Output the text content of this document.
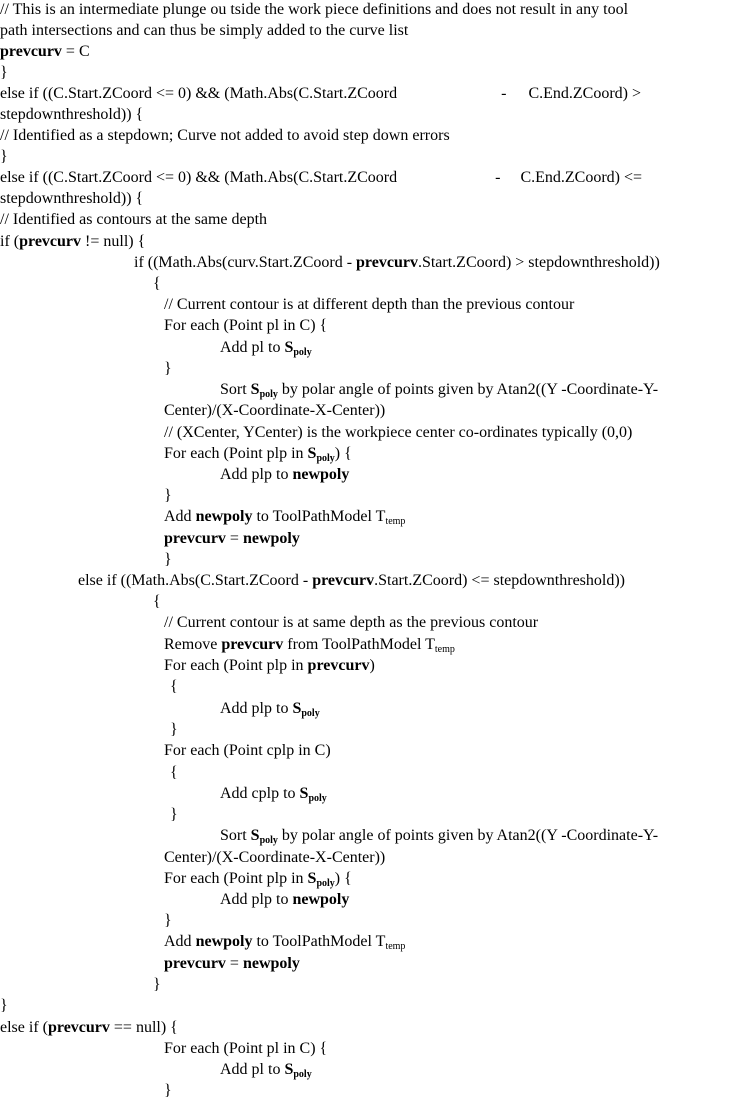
// This is an intermediate plunge ou tside the work piece definitions and does not result in any tool
path intersections and can thus be simply added to the curve list
prevcurv = C
}
else if ((C.Start.ZCoord <= 0) && (Math.Abs(C.Start.ZCoord	- C.End.ZCoord) >
stepdownthreshold)) {
// Identified as a stepdown; Curve not added to avoid step down errors
}
else if ((C.Start.ZCoord <= 0) && (Math.Abs(C.Start.ZCoord	- C.End.ZCoord) <=
stepdownthreshold)) {
// Identified as contours at the same depth
if (prevcurv != null) {
if ((Math.Abs(curv.Start.ZCoord - prevcurv.Start.ZCoord) > stepdownthreshold))
{
// Current contour is at different depth than the previous contour
For each (Point pl in C) {
Add pl to $S_{poly}$
}
Sort $S_{poly}$ by polar angle of points given by Atan2((Y -Coordinate-Y-
Center)/(X-Coordinate-X-Center))
// (XCenter, YCenter) is the workpiece center co-ordinates typically (0,0)
For each (Point plp in $S_{poly}$) {
Add plp to newpoly
}
Add newpoly to ToolPathModel $T_{temp}$
prevcurv = newpoly
}
else if ((Math.Abs(C.Start.ZCoord - prevcurv.Start.ZCoord) <= stepdownthreshold))
{
// Current contour is at same depth as the previous contour
Remove prevcurv from ToolPathModel $T_{temp}$
For each (Point plp in prevcurv)
{
Add plp to $S_{poly}$
}
For each (Point cplp in C)
{
Add cplp to $S_{poly}$
}
Sort $S_{poly}$ by polar angle of points given by Atan2((Y -Coordinate-Y-
Center)/(X-Coordinate-X-Center))
For each (Point plp in $S_{poly}$) {
Add plp to newpoly
}
Add newpoly to ToolPathModel $T_{temp}$
prevcurv = newpoly
}
}
else if (prevcurv == null) {
For each (Point pl in C) {
Add pl to $S_{poly}$
}
